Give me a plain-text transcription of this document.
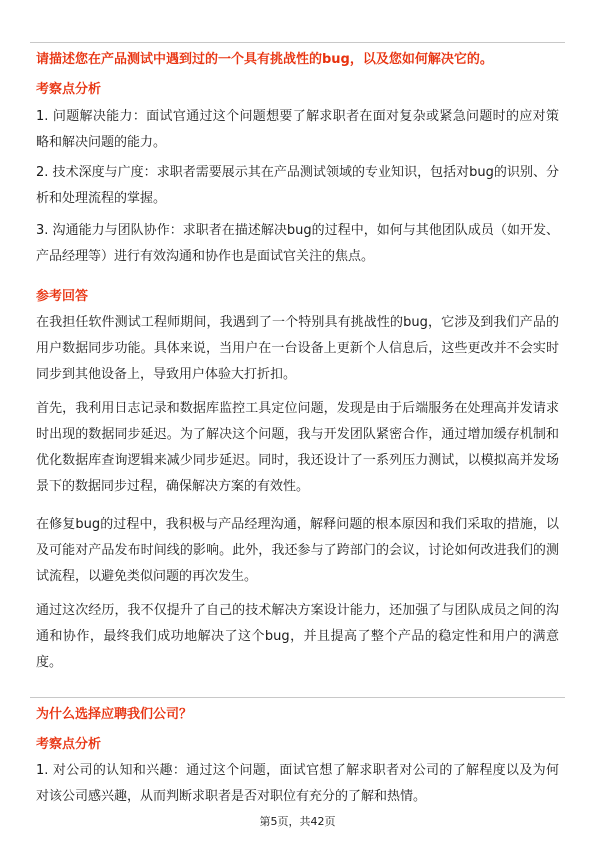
请描述您在产品测试中遇到过的一个具有挑战性的bug，以及您如何解决它的。
考察点分析
1. 问题解决能力：面试官通过这个问题想要了解求职者在面对复杂或紧急问题时的应对策略和解决问题的能力。
2. 技术深度与广度：求职者需要展示其在产品测试领域的专业知识，包括对bug的识别、分析和处理流程的掌握。
3. 沟通能力与团队协作：求职者在描述解决bug的过程中，如何与其他团队成员（如开发、产品经理等）进行有效沟通和协作也是面试官关注的焦点。
参考回答
在我担任软件测试工程师期间，我遇到了一个特别具有挑战性的bug，它涉及到我们产品的用户数据同步功能。具体来说，当用户在一台设备上更新个人信息后，这些更改并不会实时同步到其他设备上，导致用户体验大打折扣。
首先，我利用日志记录和数据库监控工具定位问题，发现是由于后端服务在处理高并发请求时出现的数据同步延迟。为了解决这个问题，我与开发团队紧密合作，通过增加缓存机制和优化数据库查询逻辑来减少同步延迟。同时，我还设计了一系列压力测试，以模拟高并发场景下的数据同步过程，确保解决方案的有效性。
在修复bug的过程中，我积极与产品经理沟通，解释问题的根本原因和我们采取的措施，以及可能对产品发布时间线的影响。此外，我还参与了跨部门的会议，讨论如何改进我们的测试流程，以避免类似问题的再次发生。
通过这次经历，我不仅提升了自己的技术解决方案设计能力，还加强了与团队成员之间的沟通和协作，最终我们成功地解决了这个bug，并且提高了整个产品的稳定性和用户的满意度。
为什么选择应聘我们公司？
考察点分析
1. 对公司的认知和兴趣：通过这个问题，面试官想了解求职者对公司的了解程度以及为何对该公司感兴趣，从而判断求职者是否对职位有充分的了解和热情。
第5页，共42页
